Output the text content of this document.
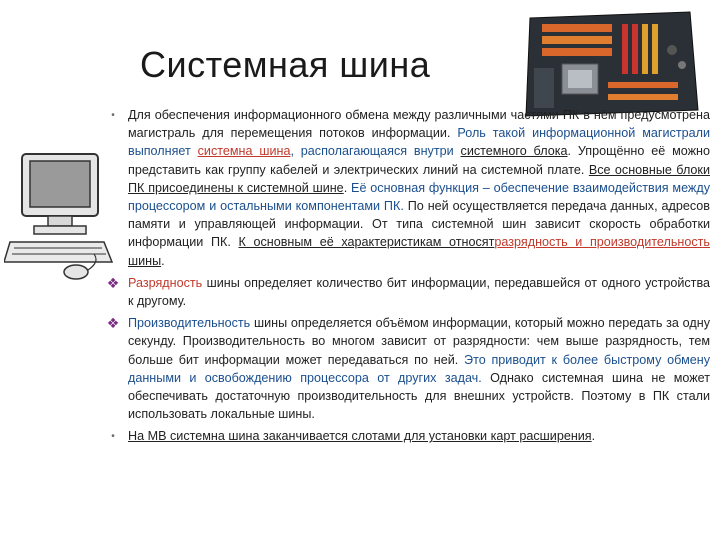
Системная шина
•	Для обеспечения информационного обмена между различными частями ПК в нём предусмотрена магистраль для перемещения потоков информации. Роль такой информационной магистрали выполняет системна шина, располагающаяся внутри системного блока. Упрощённо её можно представить как группу кабелей и электрических линий на системной плате. Все основные блоки ПК присоединены к системной шине. Её основная функция – обеспечение взаимодействия между процессором и остальными компонентами ПК. По ней осуществляется передача данных, адресов памяти и управляющей информации. От типа системной шин зависит скорость обработки информации ПК. К основным её характеристикам относятразрядность и производительность шины.
❖ Разрядность шины определяет количество бит информации, передавшейся от одного устройства к другому.
❖ Производительность шины определяется объёмом информации, который можно передать за одну секунду. Производительность во многом зависит от разрядности: чем выше разрядность, тем больше бит информации может передаваться по ней. Это приводит к более быстрому обмену данными и освобождению процессора от других задач. Однако системная шина не может обеспечивать достаточную производительность для внешних устройств. Поэтому в ПК стали использовать локальные шины.
•	На МВ системна шина заканчивается слотами для установки карт расширения.
